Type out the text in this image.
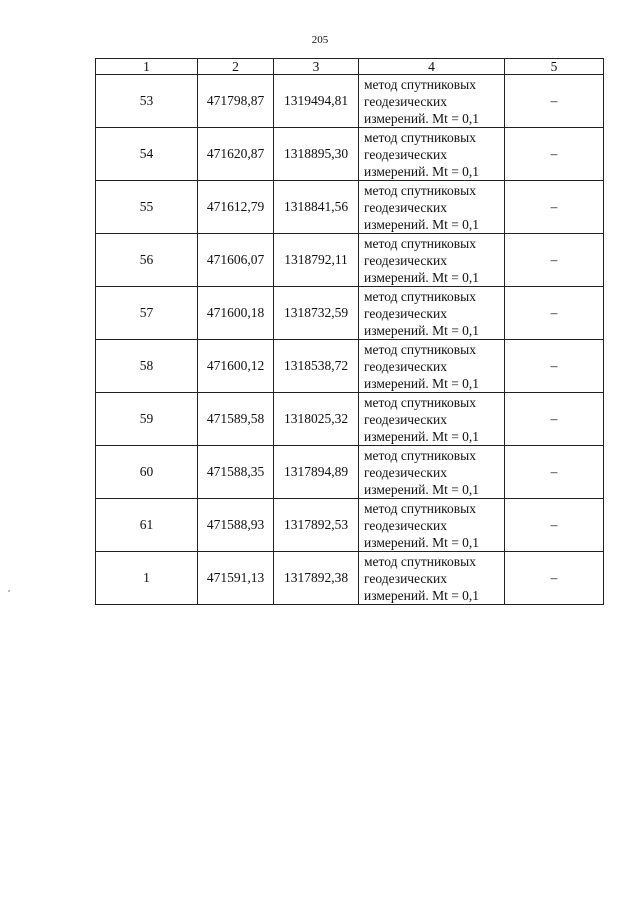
205
1	2	3	4	5
53	471798,87	1319494,81	метод спутниковых
геодезических
измерений. Mt = 0,1	–
54	471620,87	1318895,30	метод спутниковых
геодезических
измерений. Mt = 0,1	–
55	471612,79	1318841,56	метод спутниковых
геодезических
измерений. Mt = 0,1	–
56	471606,07	1318792,11	метод спутниковых
геодезических
измерений. Mt = 0,1	–
57	471600,18	1318732,59	метод спутниковых
геодезических
измерений. Mt = 0,1	–
58	471600,12	1318538,72	метод спутниковых
геодезических
измерений. Mt = 0,1	–
59	471589,58	1318025,32	метод спутниковых
геодезических
измерений. Mt = 0,1	–
60	471588,35	1317894,89	метод спутниковых
геодезических
измерений. Mt = 0,1	–
61	471588,93	1317892,53	метод спутниковых
геодезических
измерений. Mt = 0,1	–
1	471591,13	1317892,38	метод спутниковых
геодезических
измерений. Mt = 0,1	–
